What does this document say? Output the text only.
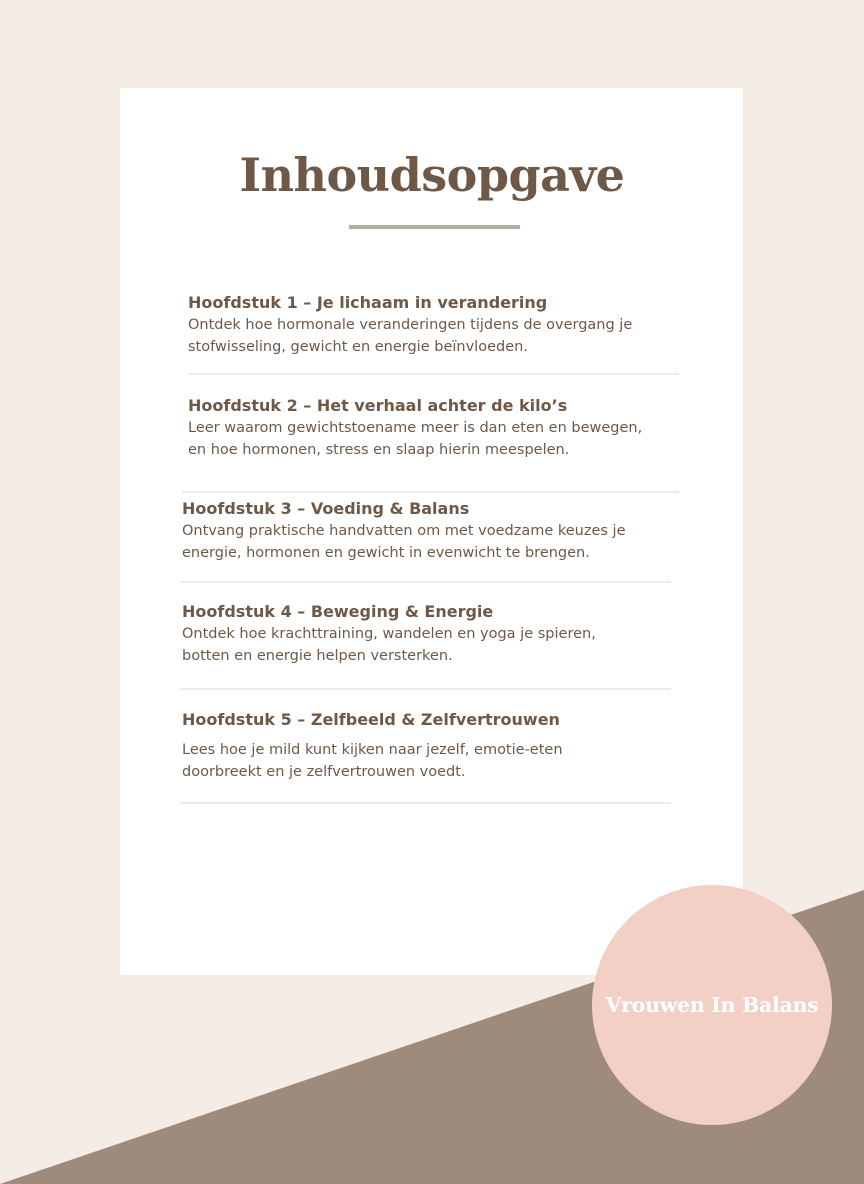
Inhoudsopgave
Hoofdstuk 1 – Je lichaam in verandering

Ontdek hoe hormonale veranderingen tijdens de overgang je

stofwisseling, gewicht en energie beïnvloeden.

Hoofdstuk 2 – Het verhaal achter de kilo’s

Leer waarom gewichtstoename meer is dan eten en bewegen,

en hoe hormonen, stress en slaap hierin meespelen.

Hoofdstuk 3 – Voeding & Balans

Ontvang praktische handvatten om met voedzame keuzes je

energie, hormonen en gewicht in evenwicht te brengen.

Hoofdstuk 4 – Beweging & Energie

Ontdek hoe krachttraining, wandelen en yoga je spieren,

botten en energie helpen versterken.

Hoofdstuk 5 – Zelfbeeld & Zelfvertrouwen

Lees hoe je mild kunt kijken naar jezelf, emotie-eten

doorbreekt en je zelfvertrouwen voedt.

Vrouwen In Balans
